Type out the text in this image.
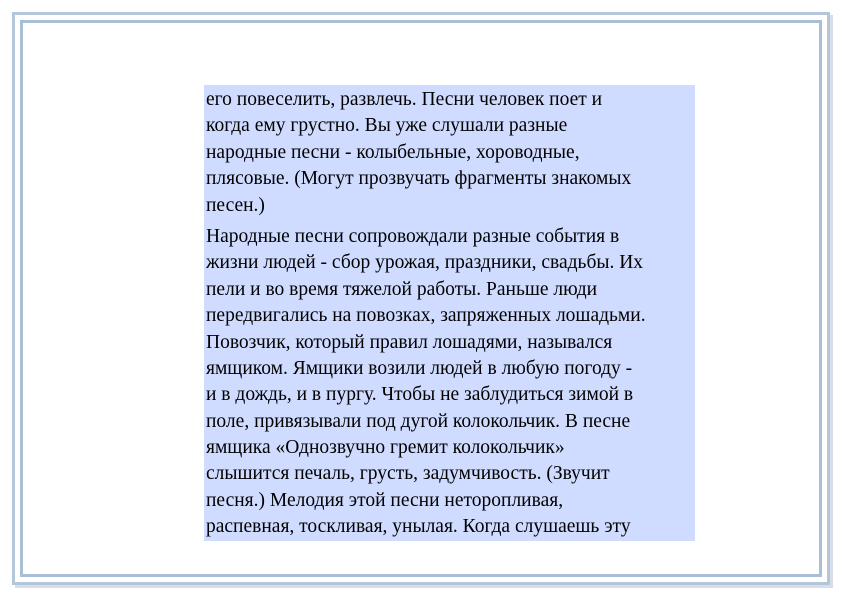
его повеселить, развлечь. Песни человек поет и
когда ему грустно. Вы уже слушали разные
народные песни - колыбельные, хороводные,
плясовые. (Могут прозвучать фрагменты знакомых
песен.)

Народные песни сопровождали разные события в
жизни людей - сбор урожая, праздники, свадьбы. Их
пели и во время тяжелой работы. Раньше люди
передвигались на повозках, запряженных лошадьми.
Повозчик, который правил лошадями, назывался
ямщиком. Ямщики возили людей в любую погоду -
и в дождь, и в пургу. Чтобы не заблудиться зимой в
поле, привязывали под дугой колокольчик. В песне
ямщика «Однозвучно гремит колокольчик»
слышится печаль, грусть, задумчивость. (Звучит
песня.) Мелодия этой песни неторопливая,
распевная, тоскливая, унылая. Когда слушаешь эту
